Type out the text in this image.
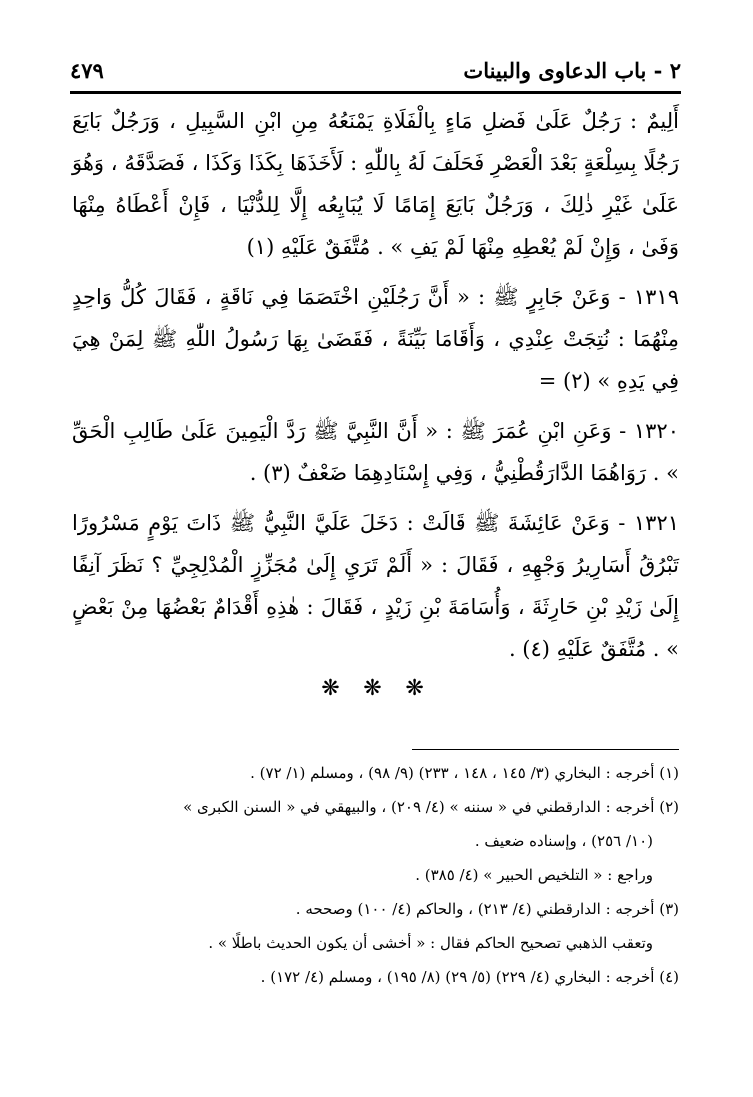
٢ - باب الدعاوى والبينات
٤٧٩

أَلِيمٌ : رَجُلٌ عَلَىٰ فَضلِ مَاءٍ بِالْفَلَاةِ يَمْنَعُهُ مِنِ ابْنِ السَّبِيلِ ، وَرَجُلٌ بَايَعَ رَجُلًا بِسِلْعَةٍ بَعْدَ الْعَصْرِ فَحَلَفَ لَهُ بِاللّٰهِ : لَأَخَذَهَا بِكَذَا وَكَذَا ، فَصَدَّقَهُ ، وَهُوَ عَلَىٰ غَيْرِ ذٰلِكَ ، وَرَجُلٌ بَايَعَ إِمَامًا لَا يُبَايِعُه إِلَّا لِلدُّنْيَا ، فَإِنْ أَعْطَاهُ مِنْهَا وَفَىٰ ، وَإِنْ لَمْ يُعْطِهِ مِنْهَا لَمْ يَفِ » . مُتَّفَقٌ عَلَيْهِ (١)

١٣١٩ - وَعَنْ جَابِرٍ ﷺ : « أَنَّ رَجُلَيْنِ اخْتَصَمَا فِي نَاقَةٍ ، فَقَالَ كُلُّ وَاحِدٍ مِنْهُمَا : نُتِجَتْ عِنْدِي ، وَأَقَامَا بَيِّنَةً ، فَقَضَىٰ بِهَا رَسُولُ اللّٰهِ ﷺ لِمَنْ هِيَ فِي يَدِهِ » (٢) =

١٣٢٠ - وَعَنِ ابْنِ عُمَرَ ﷺ : « أَنَّ النَّبِيَّ ﷺ رَدَّ الْيَمِينَ عَلَىٰ طَالِبِ الْحَقِّ » . رَوَاهُمَا الدَّارَقُطْنِيُّ ، وَفِي إِسْنَادِهِمَا ضَعْفٌ (٣) .

١٣٢١ - وَعَنْ عَائِشَةَ ﷺ قَالَتْ : دَخَلَ عَلَيَّ النَّبِيُّ ﷺ ذَاتَ يَوْمٍ مَسْرُورًا تَبْرُقُ أَسَارِيرُ وَجْهِهِ ، فَقَالَ : « أَلَمْ تَرَيِ إِلَىٰ مُجَزِّزٍ الْمُدْلِجِيِّ ؟ نَظَرَ آنِفًا إِلَىٰ زَيْدِ بْنِ حَارِثَةَ ، وَأُسَامَةَ بْنِ زَيْدٍ ، فَقَالَ : هٰذِهِ أَقْدَامٌ بَعْضُهَا مِنْ بَعْضٍ » . مُتَّفَقٌ عَلَيْهِ (٤) .

❋ ❋ ❋

(١) أخرجه : البخاري (٣/ ١٤٥ ، ١٤٨ ، ٢٣٣) (٩/ ٩٨) ، ومسلم (١/ ٧٢) .

(٢) أخرجه : الدارقطني في « سننه » (٤/ ٢٠٩) ، والبيهقي في « السنن الكبرى »

(١٠/ ٢٥٦) ، وإسناده ضعيف .

وراجع : « التلخيص الحبير » (٤/ ٣٨٥) .

(٣) أخرجه : الدارقطني (٤/ ٢١٣) ، والحاكم (٤/ ١٠٠) وصححه .

وتعقب الذهبي تصحيح الحاكم فقال : « أخشى أن يكون الحديث باطلًا » .

(٤) أخرجه : البخاري (٤/ ٢٢٩) (٥/ ٢٩) (٨/ ١٩٥) ، ومسلم (٤/ ١٧٢) .
